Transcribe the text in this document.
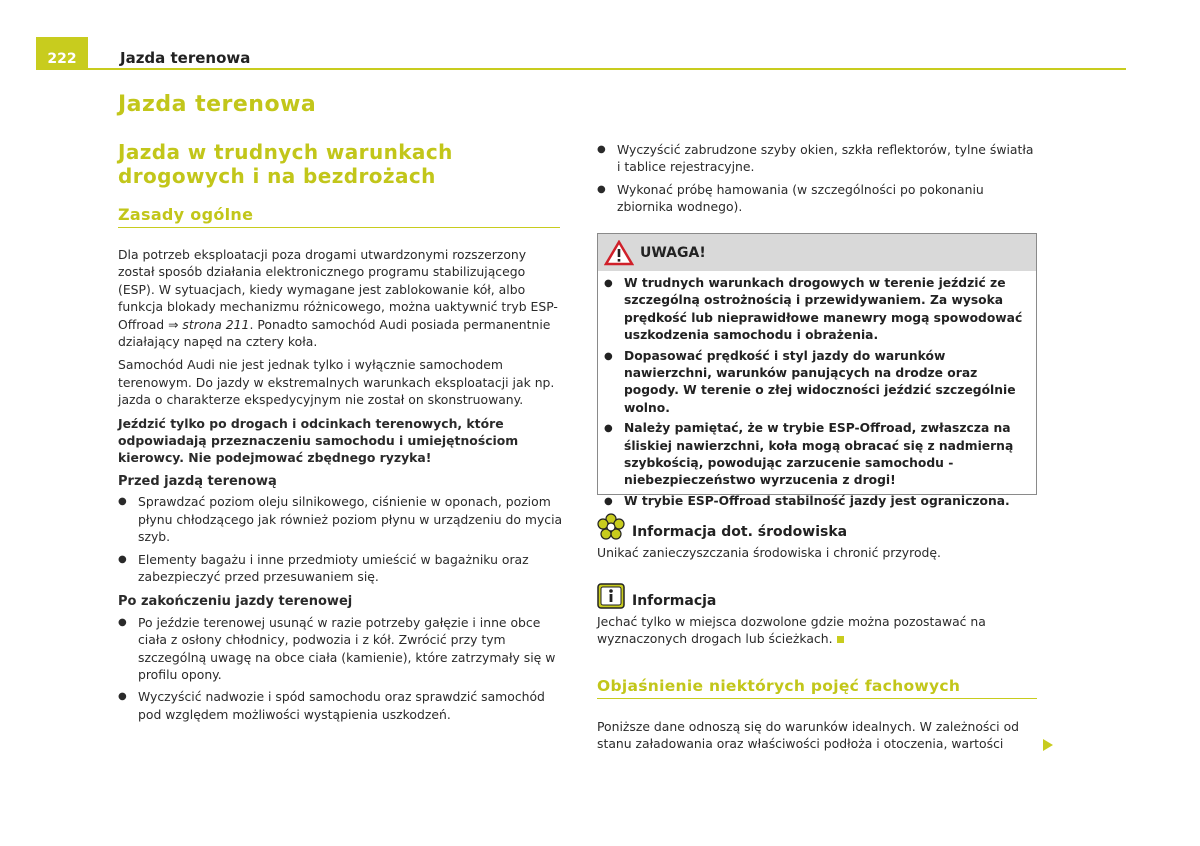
222	Jazda terenowa
Jazda terenowa
Jazda w trudnych warunkach drogowych i na bezdrożach
Zasady ogólne

Dla potrzeb eksploatacji poza drogami utwardzonymi rozszerzony został sposób działania elektronicznego programu stabilizującego (ESP). W sytuacjach, kiedy wymagane jest zablokowanie kół, albo funkcja blokady mechanizmu różnicowego, można uaktywnić tryb ESP-Offroad ⇒ strona 211. Ponadto samochód Audi posiada permanentnie działający napęd na cztery koła.

Samochód Audi nie jest jednak tylko i wyłącznie samochodem terenowym. Do jazdy w ekstremalnych warunkach eksploatacji jak np. jazda o charakterze ekspedycyjnym nie został on skonstruowany.

Jeździć tylko po drogach i odcinkach terenowych, które odpowiadają przeznaczeniu samochodu i umiejętnościom kierowcy. Nie podejmować zbędnego ryzyka!

Przed jazdą terenową
● Sprawdzać poziom oleju silnikowego, ciśnienie w oponach, poziom płynu chłodzącego jak również poziom płynu w urządzeniu do mycia szyb.
● Elementy bagażu i inne przedmioty umieścić w bagażniku oraz zabezpieczyć przed przesuwaniem się.
Po zakończeniu jazdy terenowej
● Po jeździe terenowej usunąć w razie potrzeby gałęzie i inne obce ciała z osłony chłodnicy, podwozia i z kół. Zwrócić przy tym szczególną uwagę na obce ciała (kamienie), które zatrzymały się w profilu opony.
● Wyczyścić nadwozie i spód samochodu oraz sprawdzić samochód pod względem możliwości wystąpienia uszkodzeń.
● Wyczyścić zabrudzone szyby okien, szkła reflektorów, tylne światła i tablice rejestracyjne.
● Wykonać próbę hamowania (w szczególności po pokonaniu zbiornika wodnego).
UWAGA!
● W trudnych warunkach drogowych w terenie jeździć ze szczególną ostrożnością i przewidywaniem. Za wysoka prędkość lub nieprawidłowe manewry mogą spowodować uszkodzenia samochodu i obrażenia.
● Dopasować prędkość i styl jazdy do warunków nawierzchni, warunków panujących na drodze oraz pogody. W terenie o złej widoczności jeździć szczególnie wolno.
● Należy pamiętać, że w trybie ESP-Offroad, zwłaszcza na śliskiej nawierzchni, koła mogą obracać się z nadmierną szybkością, powodując zarzucenie samochodu - niebezpieczeństwo wyrzucenia z drogi!
● W trybie ESP-Offroad stabilność jazdy jest ograniczona.
Informacja dot. środowiska
Unikać zanieczyszczania środowiska i chronić przyrodę.
Informacja
Jechać tylko w miejsca dozwolone gdzie można pozostawać na wyznaczonych drogach lub ścieżkach.
Objaśnienie niektórych pojęć fachowych
Poniższe dane odnoszą się do warunków idealnych. W zależności od stanu załadowania oraz właściwości podłoża i otoczenia, wartości
